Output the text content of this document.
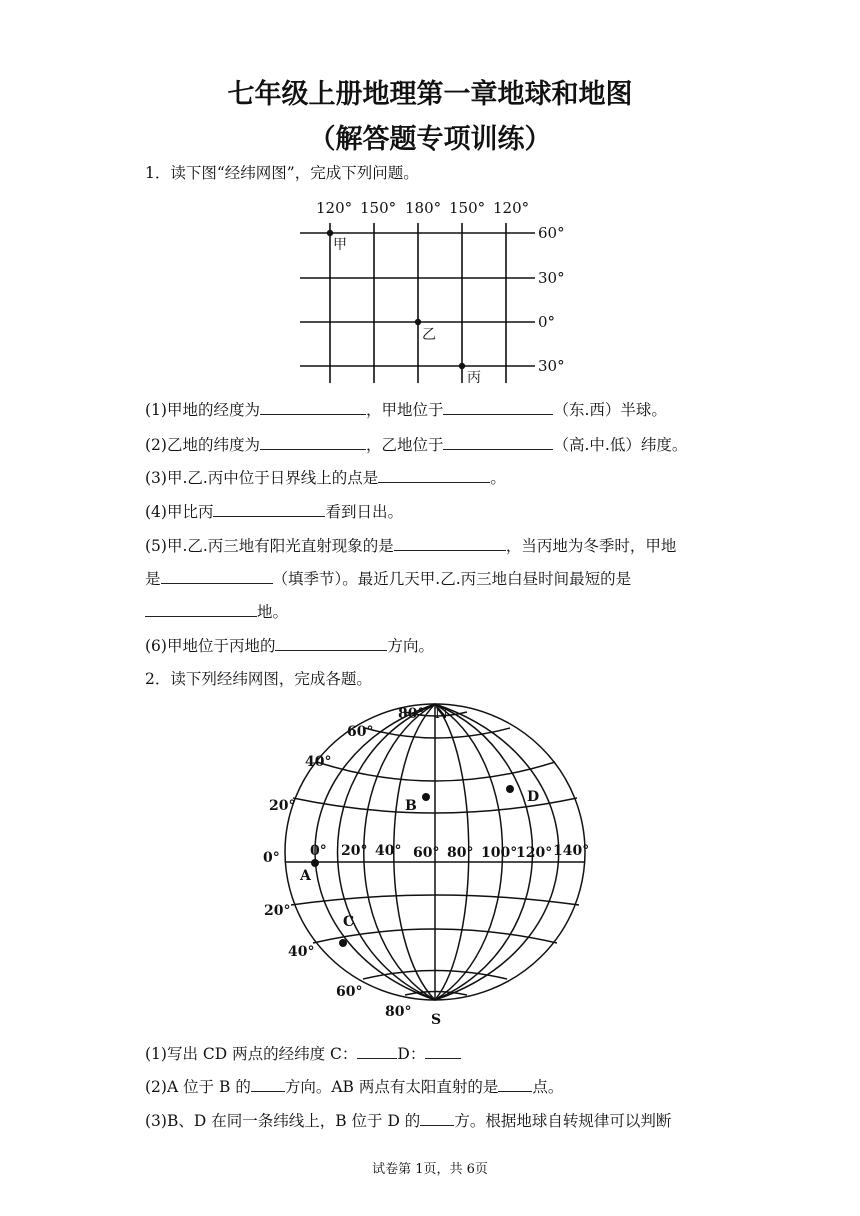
七年级上册地理第一章地球和地图
（解答题专项训练）
1．读下图“经纬网图”，完成下列问题。
120° 150° 180° 150° 120°
60°
30°
0°
30°
甲
乙
丙
(1)甲地的经度为	，甲地位于	（东.西）半球。
(2)乙地的纬度为	，乙地位于	（高.中.低）纬度。
(3)甲.乙.丙中位于日界线上的点是	。
(4)甲比丙	看到日出。
(5)甲.乙.丙三地有阳光直射现象的是	，当丙地为冬季时，甲地
是	（填季节）。最近几天甲.乙.丙三地白昼时间最短的是
地。
(6)甲地位于丙地的	方向。
2．读下列经纬网图，完成各题。
N
S
80°
60°
40°
20°
0°
20°
40°
60°
80°
0° 20° 40° 60° 80° 100°
120° 140°
A
B
C
D
(1)写出 CD 两点的经纬度 C：	D：
(2)A 位于 B 的 方向。AB 两点有太阳直射的是 点。
(3)B、D 在同一条纬线上，B 位于 D 的 方。根据地球自转规律可以判断
试卷第 1页，共 6页
